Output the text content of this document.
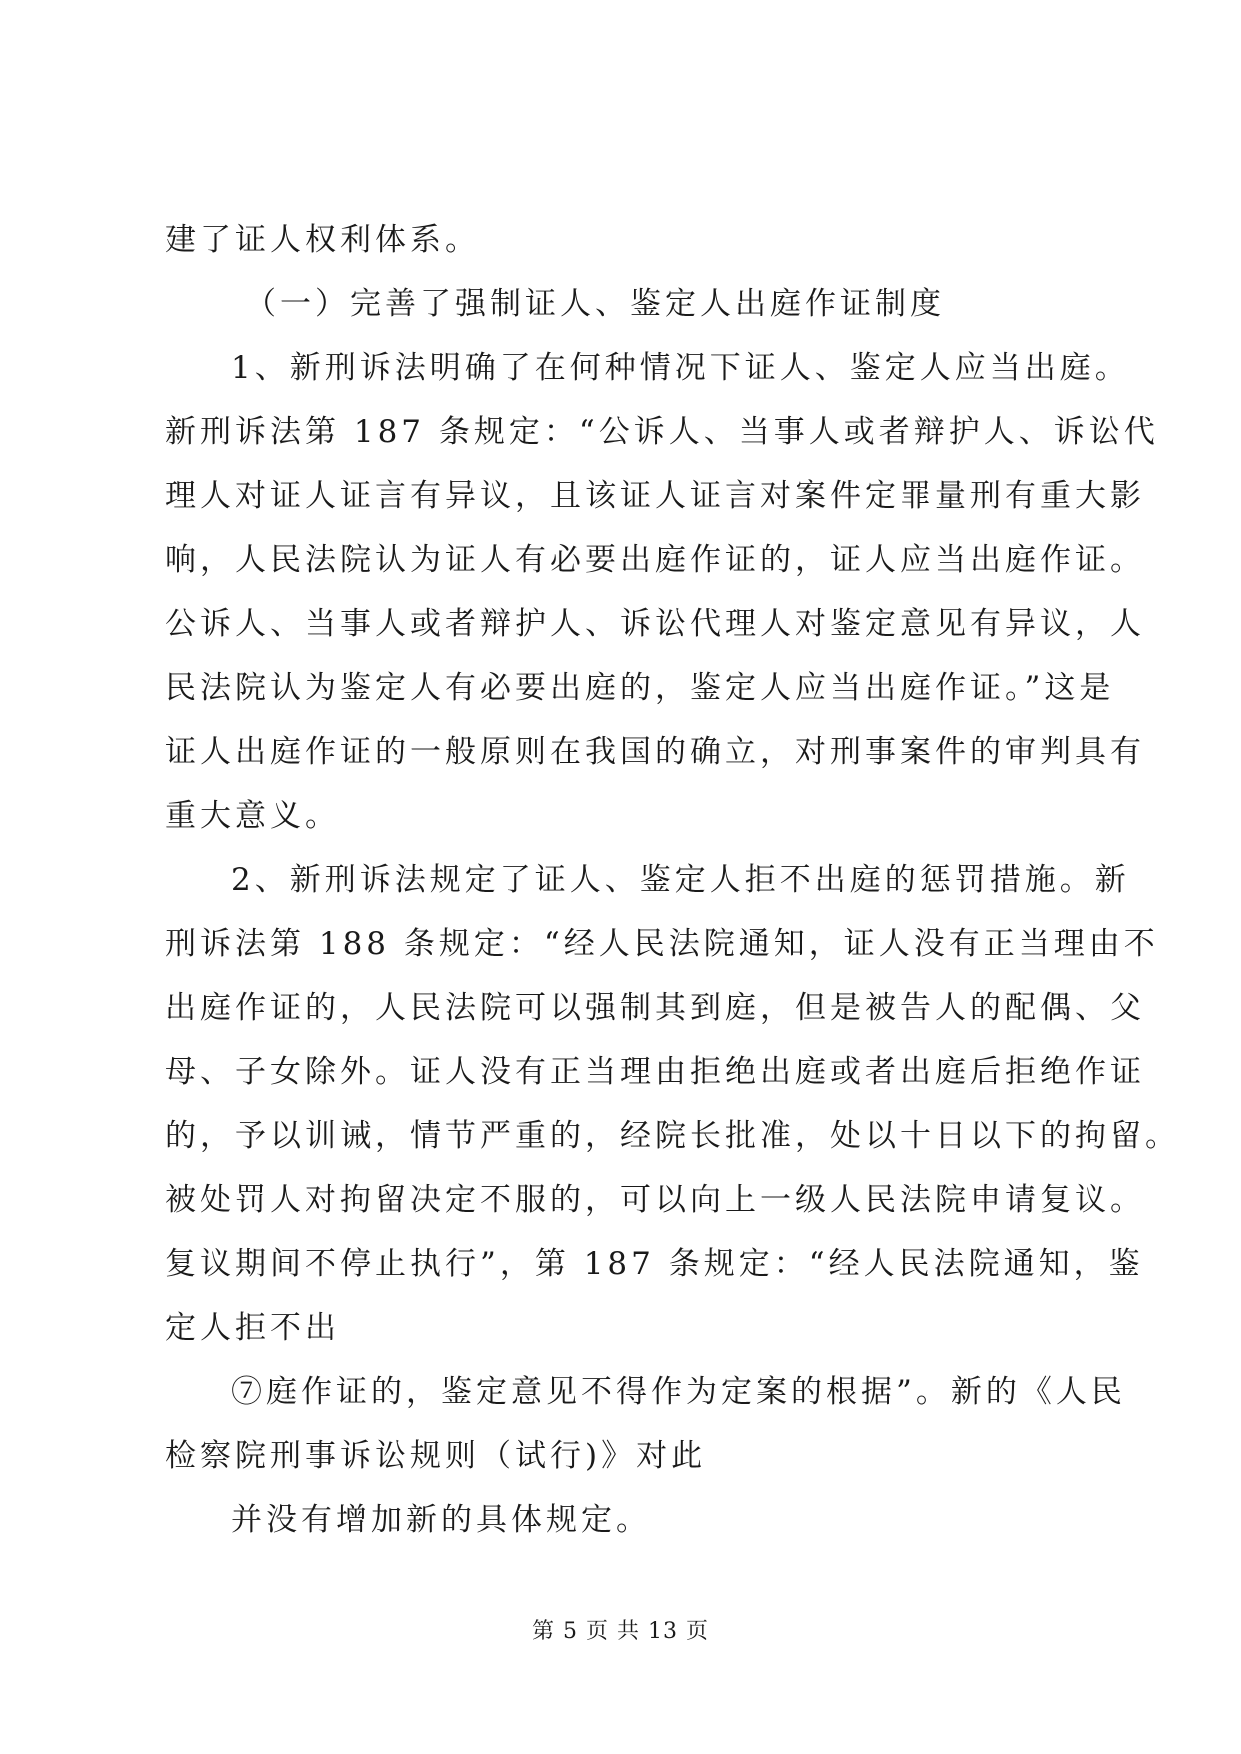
建了证人权利体系。
（一）完善了强制证人、鉴定人出庭作证制度
1、新刑诉法明确了在何种情况下证人、鉴定人应当出庭。
新刑诉法第 187 条规定：“公诉人、当事人或者辩护人、诉讼代
理人对证人证言有异议，且该证人证言对案件定罪量刑有重大影
响，人民法院认为证人有必要出庭作证的，证人应当出庭作证。
公诉人、当事人或者辩护人、诉讼代理人对鉴定意见有异议，人
民法院认为鉴定人有必要出庭的，鉴定人应当出庭作证。”这是
证人出庭作证的一般原则在我国的确立，对刑事案件的审判具有
重大意义。
2、新刑诉法规定了证人、鉴定人拒不出庭的惩罚措施。新
刑诉法第 188 条规定：“经人民法院通知，证人没有正当理由不
出庭作证的，人民法院可以强制其到庭，但是被告人的配偶、父
母、子女除外。证人没有正当理由拒绝出庭或者出庭后拒绝作证
的，予以训诫，情节严重的，经院长批准，处以十日以下的拘留。
被处罚人对拘留决定不服的，可以向上一级人民法院申请复议。
复议期间不停止执行”，第 187 条规定：“经人民法院通知，鉴
定人拒不出
⑦庭作证的，鉴定意见不得作为定案的根据”。新的《人民
检察院刑事诉讼规则（试行)》对此
并没有增加新的具体规定。
第 5 页 共 13 页
